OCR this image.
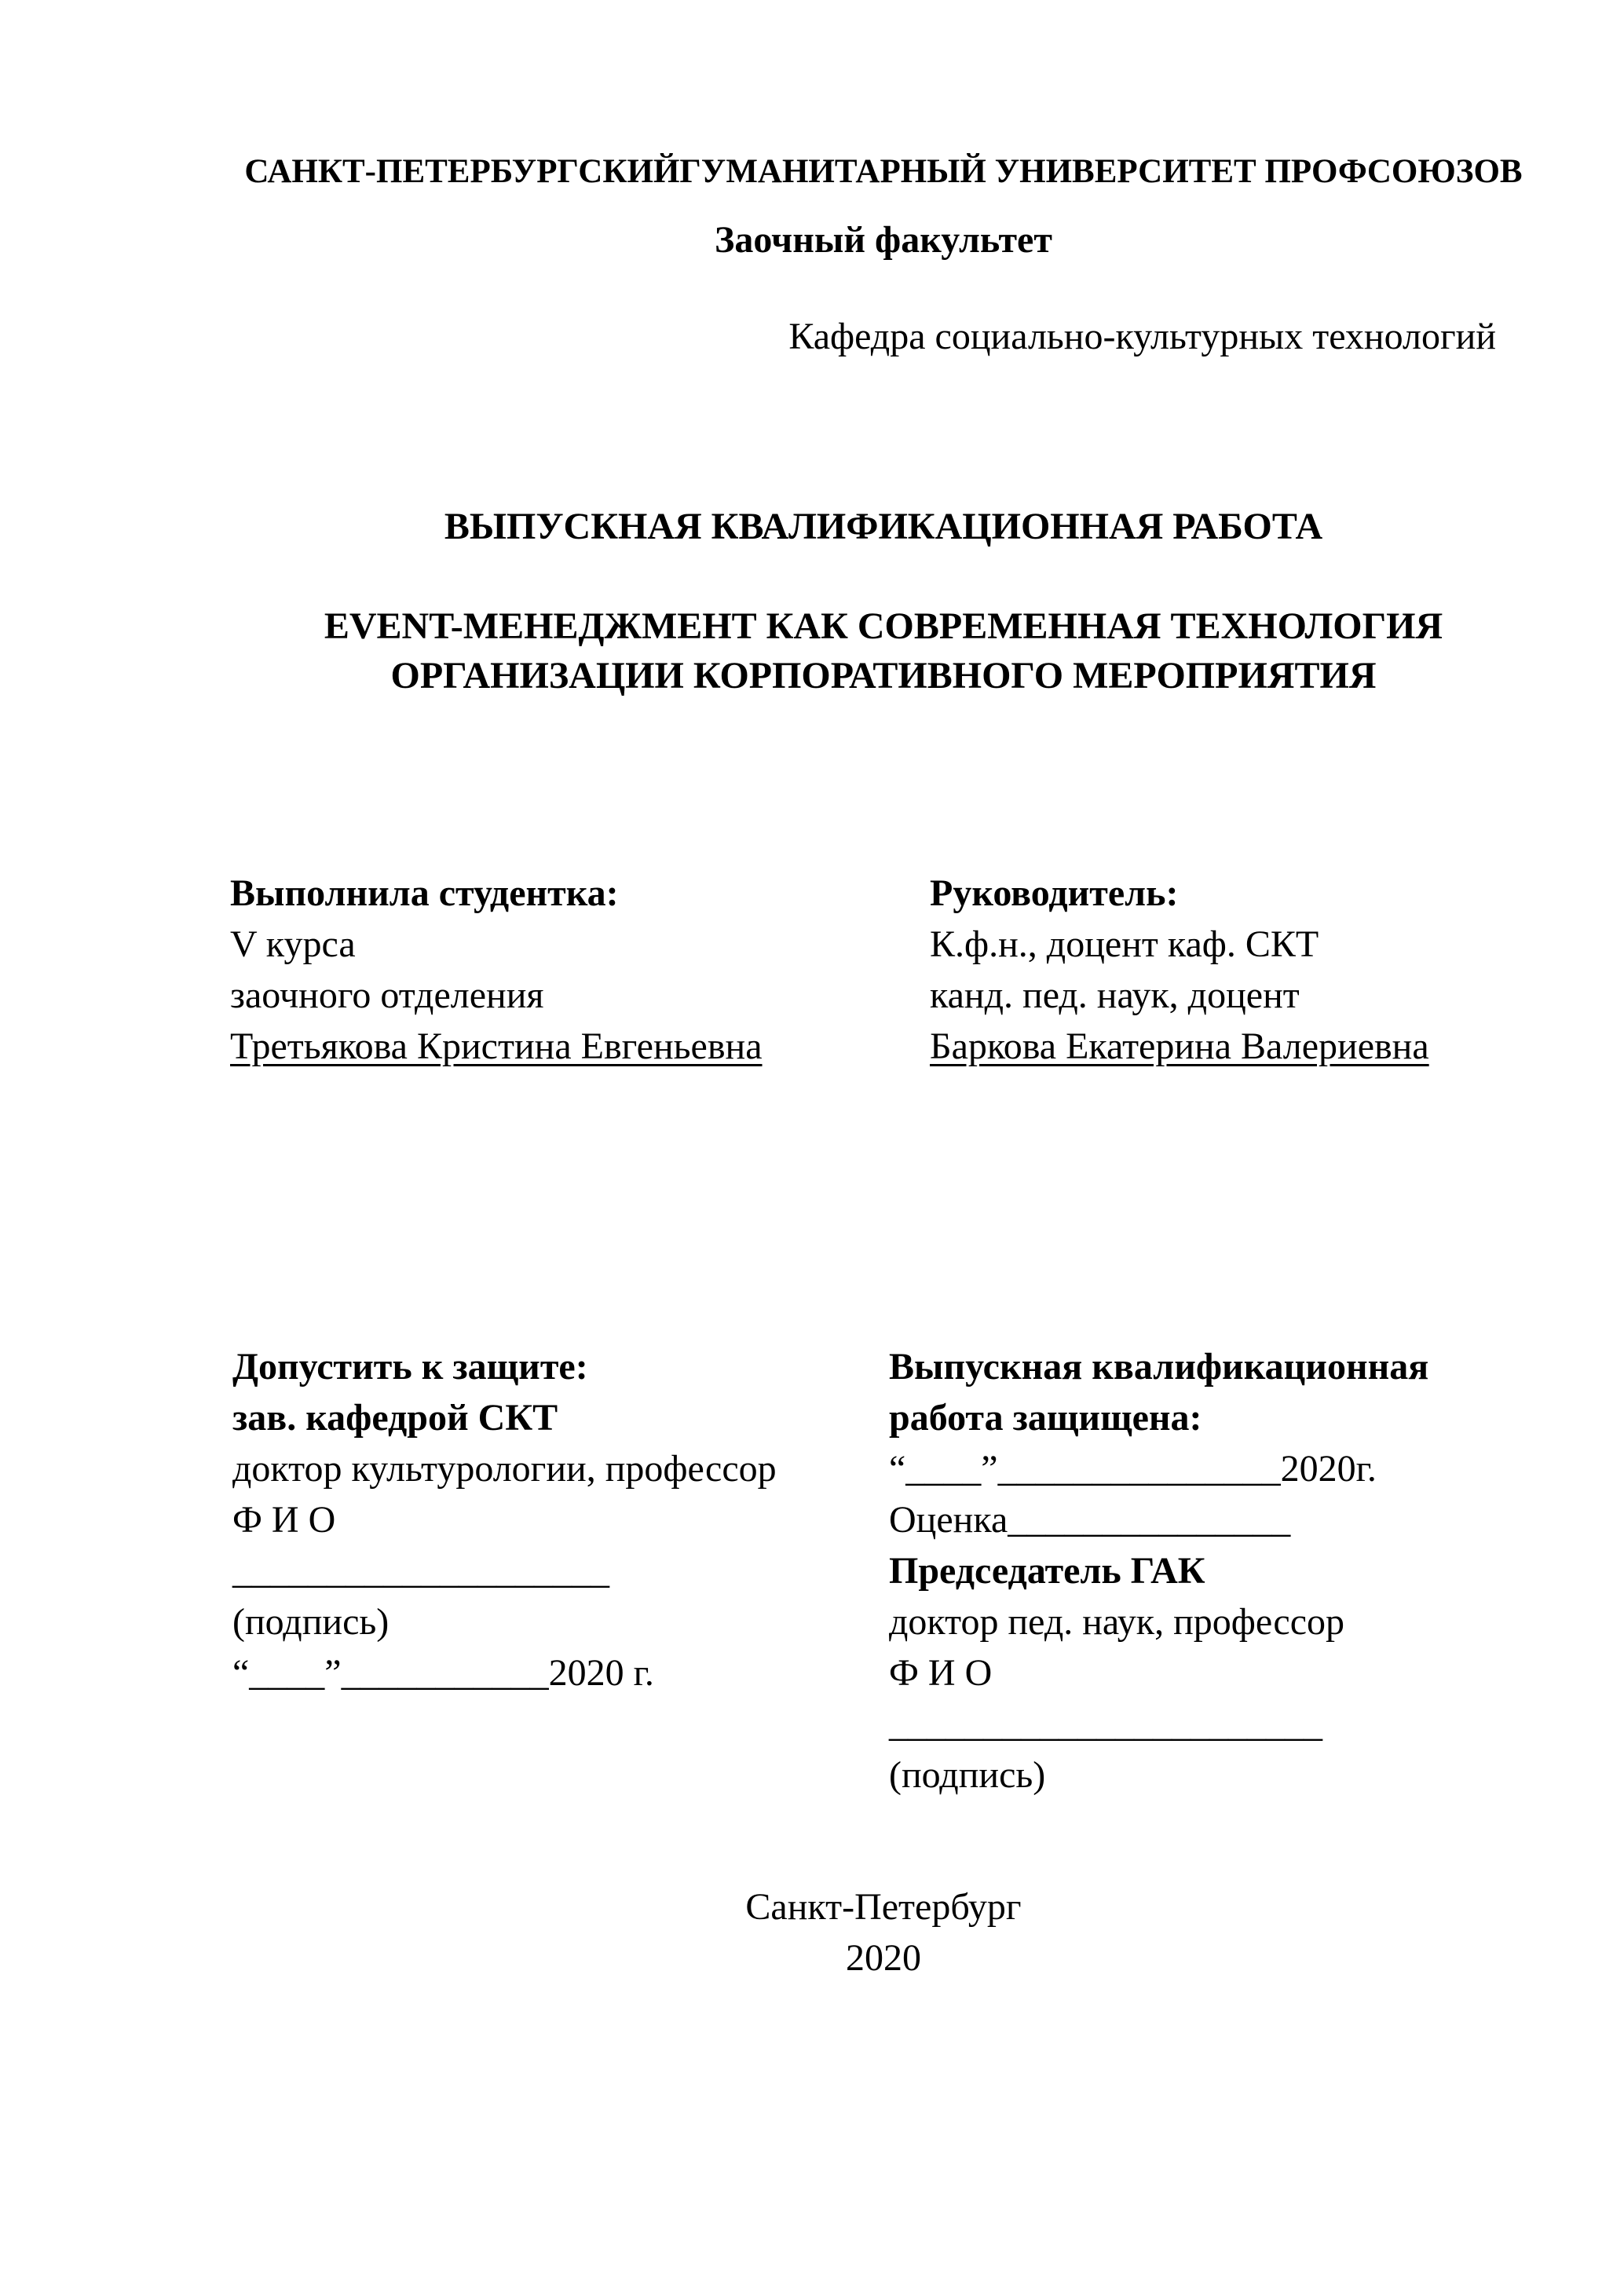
САНКТ-ПЕТЕРБУРГСКИЙГУМАНИТАРНЫЙ УНИВЕРСИТЕТ ПРОФСОЮЗОВ
Заочный факультет
Кафедра социально-культурных технологий
ВЫПУСКНАЯ КВАЛИФИКАЦИОННАЯ РАБОТА
EVENT-МЕНЕДЖМЕНТ КАК СОВРЕМЕННАЯ ТЕХНОЛОГИЯ
ОРГАНИЗАЦИИ КОРПОРАТИВНОГО МЕРОПРИЯТИЯ
Выполнила студентка:
V курса
заочного отделения
Третьякова Кристина Евгеньевна
Руководитель:
К.ф.н., доцент каф. СКТ
канд. пед. наук, доцент
Баркова Екатерина Валериевна
Допустить к защите:
зав. кафедрой СКТ
доктор культурологии, профессор
Ф И О
____________________
(подпись)
“____”___________2020 г.
Выпускная квалификационная
работа защищена:
“____”_______________2020г.
Оценка_______________
Председатель ГАК
доктор пед. наук, профессор
Ф И О
_______________________
(подпись)
Санкт-Петербург
2020
